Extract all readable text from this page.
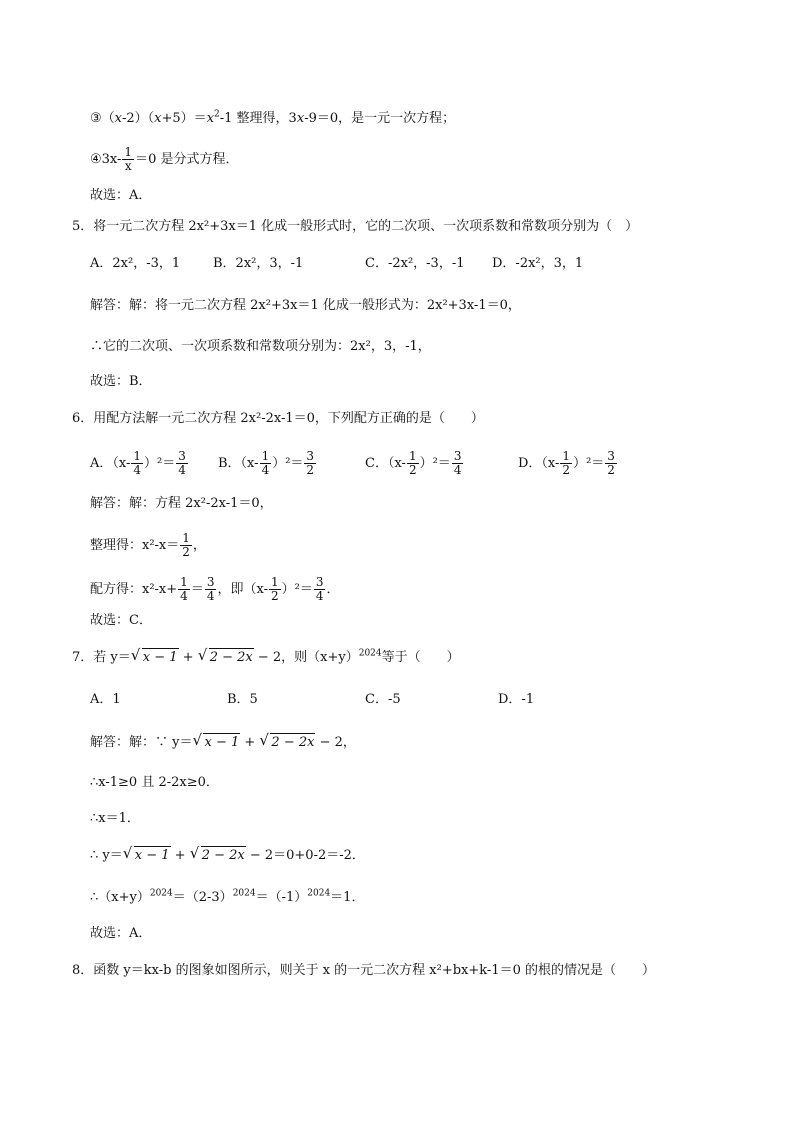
$③(x-2)(x+5)=x^2-1$ 整理得，3x-9＝0，是一元一次方程；
④3x- $\frac{1}{x} =0$ 是分式方程．
故选：A．
5．将一元二次方程 2x²+3x＝1 化成一般形式时，它的二次项、一次项系数和常数项分别为（　）
A．2x²，-3，1	B．2x²，3，-1	C．-2x²，-3，-1 D．-2x²，3，1
解答：解：将一元二次方程 2x²+3x＝1 化成一般形式为：2x²+3x-1＝0，
∴它的二次项、一次项系数和常数项分别为：2x²，3，-1，
故选：B．
6．用配方法解一元二次方程 2x²-2x-1＝0，下列配方正确的是（　　）
A．$(x- \frac{1}{4} )^2= \frac{3}{4}$ B．$(x- \frac{1}{4} )^2= \frac{3}{2}$	C．$(x- \frac{1}{2} )^2= \frac{3}{4}$	D．$(x- \frac{1}{2} )^2= \frac{3}{2}$
解答：解：方程 2x²-2x-1＝0，
整理得：$x^2-x= \frac{1}{2}$ ，
配方得：$x^2-x+ \frac{1}{4} = \frac{3}{4}$ ，即$(x- \frac{1}{2} )^2= \frac{3}{4}$ ．
故选：C．
7．若 y＝ √ x − 1 + √ 2 − 2x − 2，则$(x+y)^{2024}$等于（　　）
A．1	B．5	C．-5	D．-1
解答：解：∵ y＝ √ x − 1 + √ 2 − 2x − 2，
∴x-1≥0 且 2-2x≥0．
∴x＝1．
∴ y＝ √ x − 1 + √ 2 − 2x − 2＝0+0-2＝-2．
$\therefore(x+y)^{2024}=(2-3)^{2024}=(-1)^{2024}=1$．
故选：A．
8．函数 y＝kx-b 的图象如图所示，则关于 x 的一元二次方程 x²+bx+k-1＝0 的根的情况是（　　）
